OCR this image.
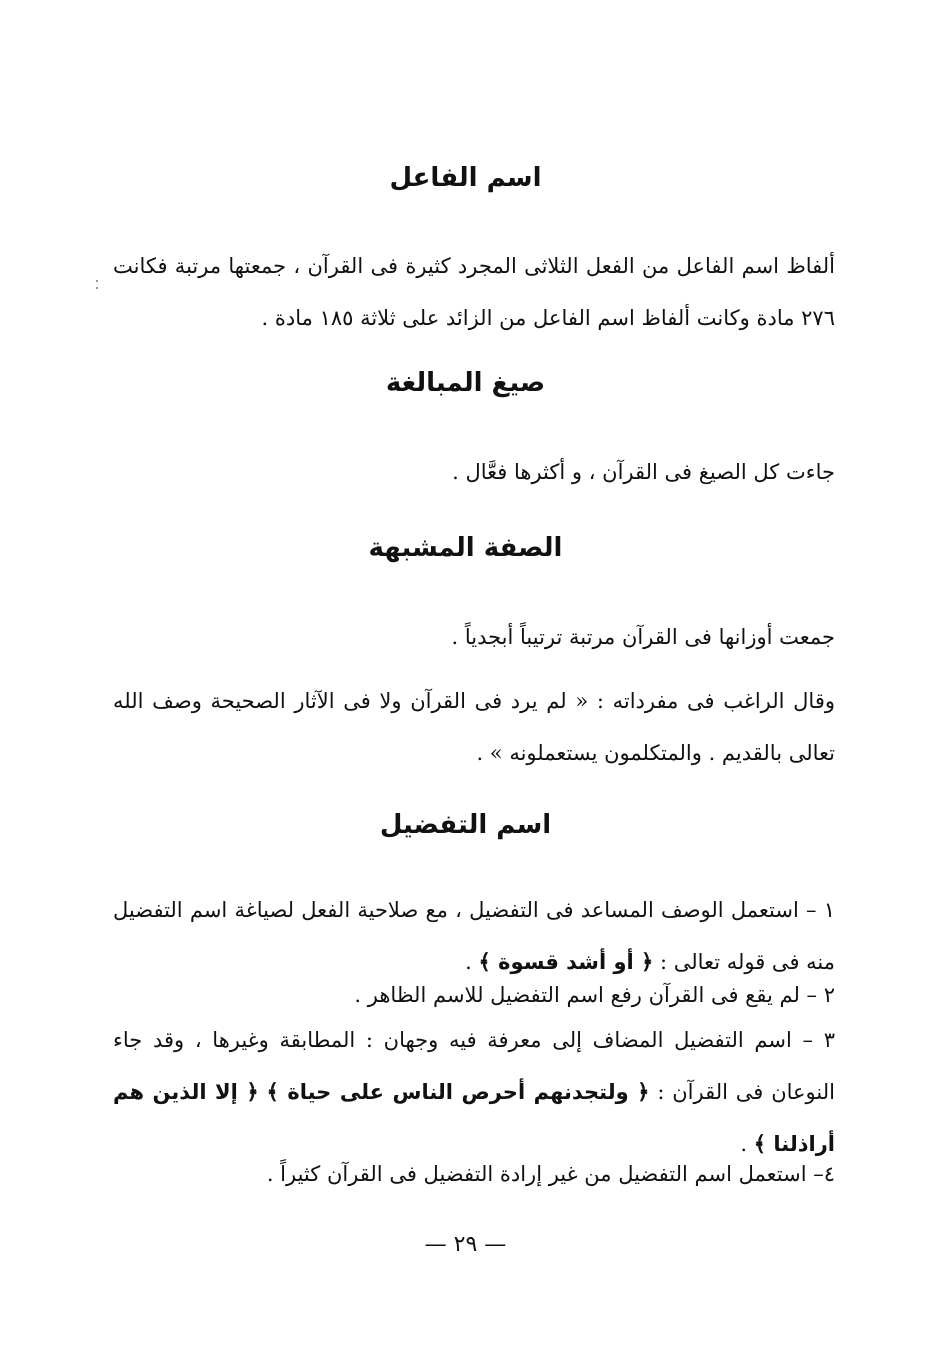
اسم الفاعل
ألفاظ اسم الفاعل من الفعل الثلاثى المجرد كثيرة فى القرآن ، جمعتها مرتبة فكانت ٢٧٦ مادة وكانت ألفاظ اسم الفاعل من الزائد على ثلاثة ١٨٥ مادة .
صيغ المبالغة
جاءت كل الصيغ فى القرآن ، و أكثرها فعَّال .
الصفة المشبهة
جمعت أوزانها فى القرآن مرتبة ترتيباً أبجدياً .
وقال الراغب فى مفرداته : « لم يرد فى القرآن ولا فى الآثار الصحيحة وصف الله تعالى بالقديم . والمتكلمون يستعملونه » .
اسم التفضيل
١ – استعمل الوصف المساعد فى التفضيل ، مع صلاحية الفعل لصياغة اسم التفضيل منه فى قوله تعالى : ﴿ أو أشد قسوة ﴾ .
٢ – لم يقع فى القرآن رفع اسم التفضيل للاسم الظاهر .
٣ – اسم التفضيل المضاف إلى معرفة فيه وجهان : المطابقة وغيرها ، وقد جاء النوعان فى القرآن : ﴿ ولتجدنهم أحرص الناس على حياة ﴾ ﴿ إلا الذين هم أراذلنا ﴾ .
٤– استعمل اسم التفضيل من غير إرادة التفضيل فى القرآن كثيراً .
— ٢٩ —
